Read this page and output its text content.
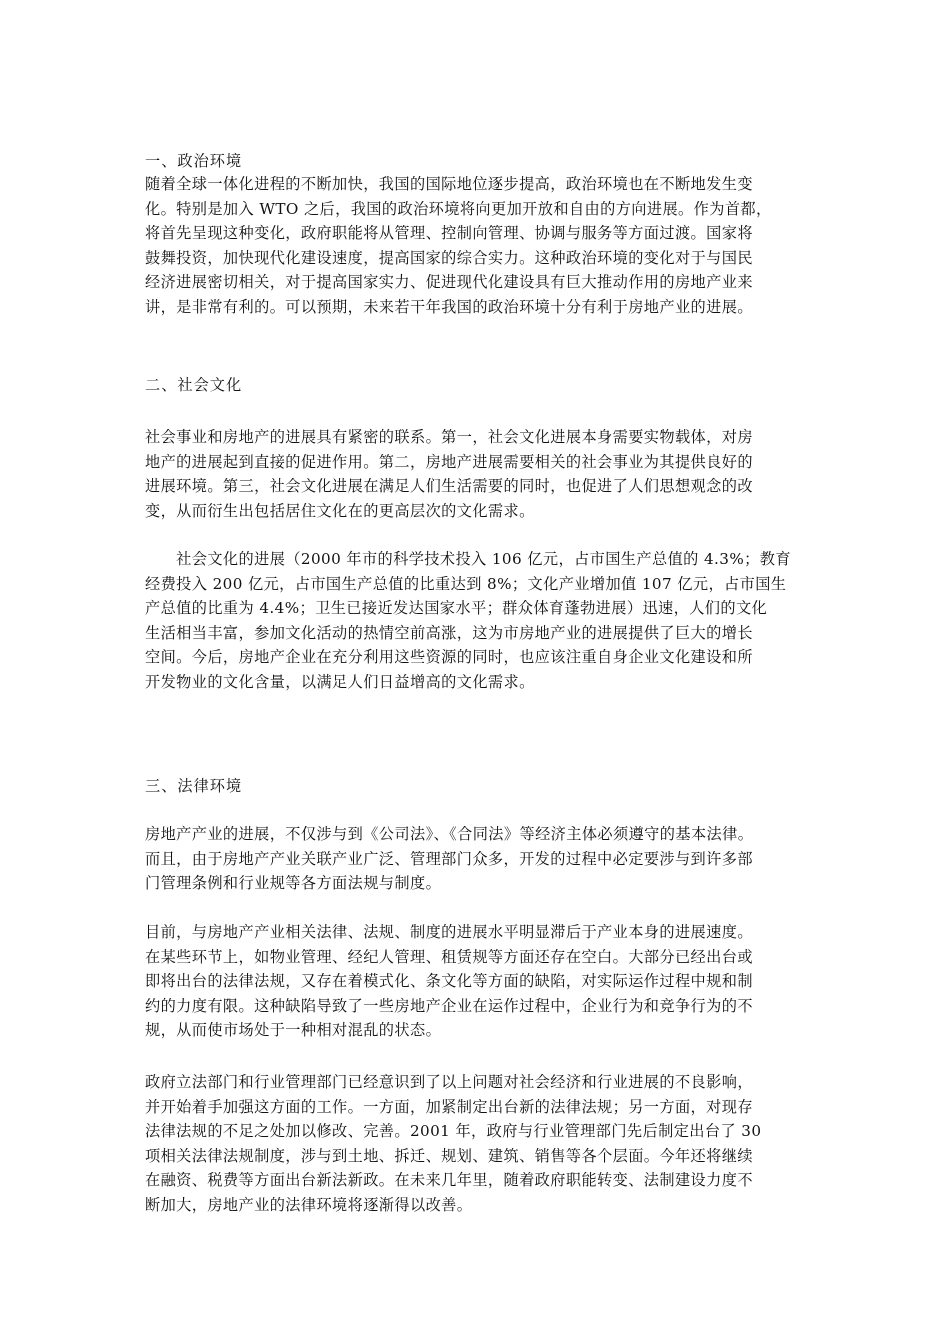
一、政治环境
随着全球一体化进程的不断加快，我国的国际地位逐步提高，政治环境也在不断地发生变
化。特别是加入 WTO 之后，我国的政治环境将向更加开放和自由的方向进展。作为首都，
将首先呈现这种变化，政府职能将从管理、控制向管理、协调与服务等方面过渡。国家将
鼓舞投资，加快现代化建设速度，提高国家的综合实力。这种政治环境的变化对于与国民
经济进展密切相关，对于提高国家实力、促进现代化建设具有巨大推动作用的房地产业来
讲，是非常有利的。可以预期，未来若干年我国的政治环境十分有利于房地产业的进展。
二、社会文化
社会事业和房地产的进展具有紧密的联系。第一，社会文化进展本身需要实物载体，对房
地产的进展起到直接的促进作用。第二，房地产进展需要相关的社会事业为其提供良好的
进展环境。第三，社会文化进展在满足人们生活需要的同时，也促进了人们思想观念的改
变，从而衍生出包括居住文化在的更高层次的文化需求。
　　社会文化的进展（2000 年市的科学技术投入 106 亿元，占市国生产总值的 4.3%；教育
经费投入 200 亿元，占市国生产总值的比重达到 8%；文化产业增加值 107 亿元，占市国生
产总值的比重为 4.4%；卫生已接近发达国家水平；群众体育蓬勃进展）迅速，人们的文化
生活相当丰富，参加文化活动的热情空前高涨，这为市房地产业的进展提供了巨大的增长
空间。今后，房地产企业在充分利用这些资源的同时，也应该注重自身企业文化建设和所
开发物业的文化含量，以满足人们日益增高的文化需求。
三、法律环境
房地产产业的进展，不仅涉与到《公司法》、《合同法》等经济主体必须遵守的基本法律。
而且，由于房地产产业关联产业广泛、管理部门众多，开发的过程中必定要涉与到许多部
门管理条例和行业规等各方面法规与制度。
目前，与房地产产业相关法律、法规、制度的进展水平明显滞后于产业本身的进展速度。
在某些环节上，如物业管理、经纪人管理、租赁规等方面还存在空白。大部分已经出台或
即将出台的法律法规，又存在着模式化、条文化等方面的缺陷，对实际运作过程中规和制
约的力度有限。这种缺陷导致了一些房地产企业在运作过程中，企业行为和竞争行为的不
规，从而使市场处于一种相对混乱的状态。
政府立法部门和行业管理部门已经意识到了以上问题对社会经济和行业进展的不良影响，
并开始着手加强这方面的工作。一方面，加紧制定出台新的法律法规；另一方面，对现存
法律法规的不足之处加以修改、完善。2001 年，政府与行业管理部门先后制定出台了 30
项相关法律法规制度，涉与到土地、拆迁、规划、建筑、销售等各个层面。今年还将继续
在融资、税费等方面出台新法新政。在未来几年里，随着政府职能转变、法制建设力度不
断加大，房地产业的法律环境将逐渐得以改善。
